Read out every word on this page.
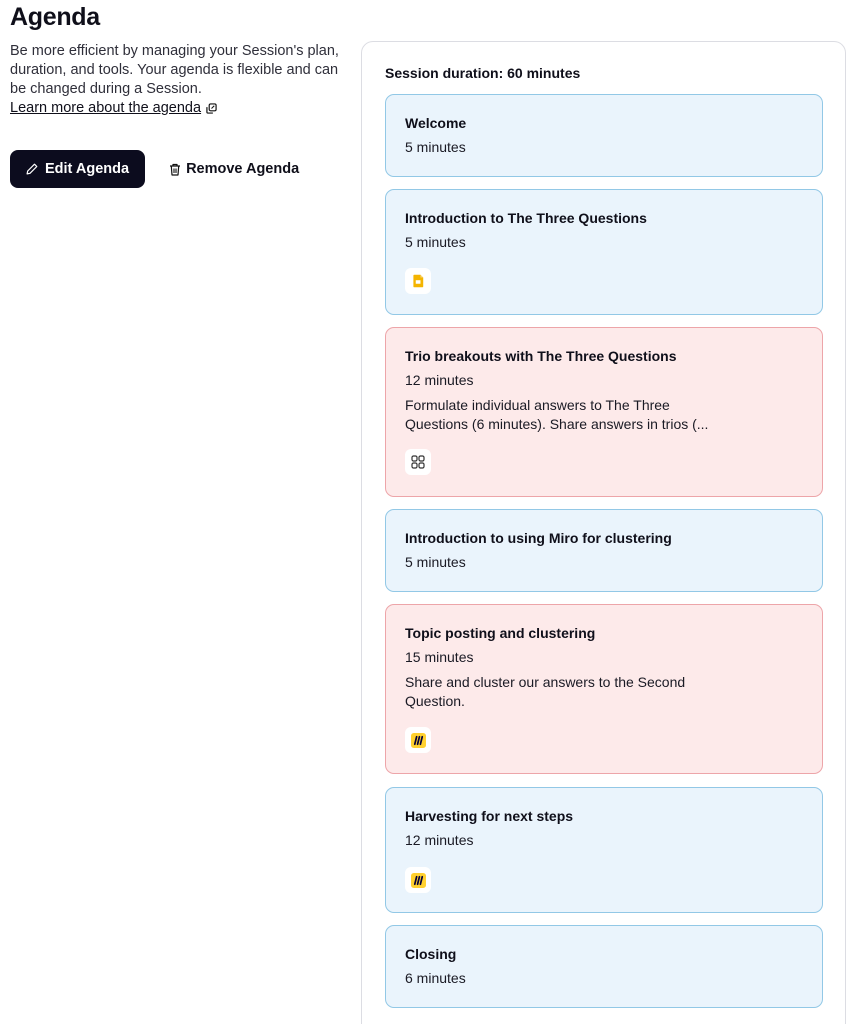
Agenda

Be more efficient by managing your Session's plan, duration, and tools. Your agenda is flexible and can be changed during a Session.

Learn more about the agenda
Edit Agenda	Remove Agenda
Session duration: 60 minutes
Welcome
5 minutes
Introduction to The Three Questions
5 minutes
Trio breakouts with The Three Questions
12 minutes
Formulate individual answers to The Three Questions (6 minutes). Share answers in trios (...
Introduction to using Miro for clustering
5 minutes
Topic posting and clustering
15 minutes
Share and cluster our answers to the Second Question.
Harvesting for next steps
12 minutes
Closing
6 minutes
